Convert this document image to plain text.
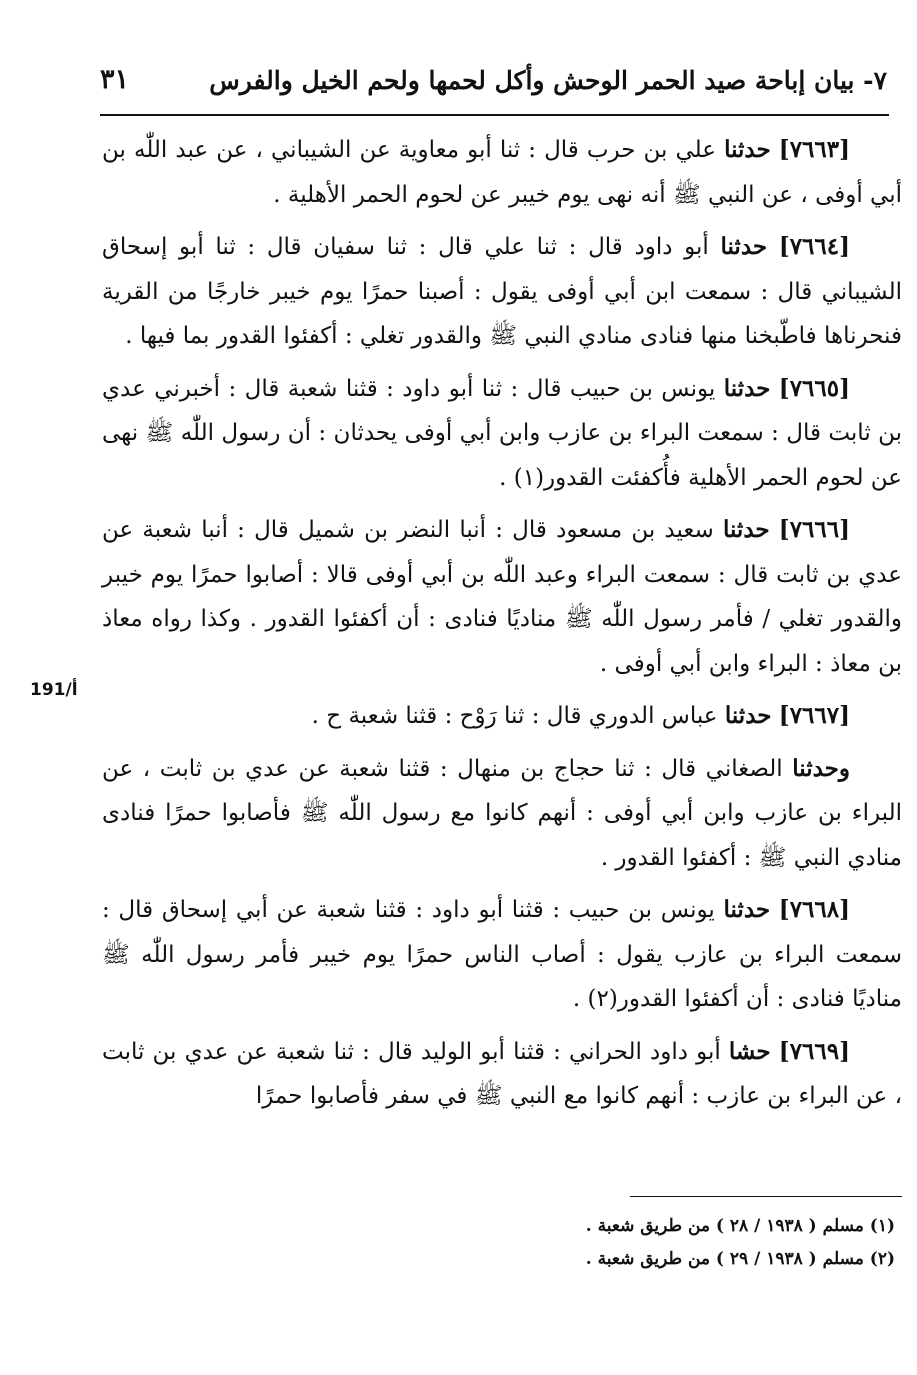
٧- بيان إباحة صيد الحمر الوحش وأكل لحمها ولحم الخيل والفرس
٣١

[٧٦٦٣] حدثنا علي بن حرب قال : ثنا أبو معاوية عن الشيباني ، عن عبد اللّٰه بن أبي أوفى ، عن النبي ﷺ أنه نهى يوم خيبر عن لحوم الحمر الأهلية .

[٧٦٦٤] حدثنا أبو داود قال : ثنا علي قال : ثنا سفيان قال : ثنا أبو إسحاق الشيباني قال : سمعت ابن أبي أوفى يقول : أصبنا حمرًا يوم خيبر خارجًا من القرية فنحرناها فاطّبخنا منها فنادى منادي النبي ﷺ والقدور تغلي : أكفئوا القدور بما فيها .

[٧٦٦٥] حدثنا يونس بن حبيب قال : ثنا أبو داود : قثنا شعبة قال : أخبرني عدي بن ثابت قال : سمعت البراء بن عازب وابن أبي أوفى يحدثان : أن رسول اللّٰه ﷺ نهى عن لحوم الحمر الأهلية فأُكفئت القدور(١) .

[٧٦٦٦] حدثنا سعيد بن مسعود قال : أنبا النضر بن شميل قال : أنبا شعبة عن عدي بن ثابت قال : سمعت البراء وعبد اللّٰه بن أبي أوفى قالا : أصابوا حمرًا يوم خيبر والقدور تغلي / فأمر رسول اللّٰه ﷺ مناديًا فنادى : أن أكفئوا القدور . وكذا رواه معاذ بن معاذ : البراء وابن أبي أوفى .

[٧٦٦٧] حدثنا عباس الدوري قال : ثنا رَوْح : قثنا شعبة ح .

وحدثنا الصغاني قال : ثنا حجاج بن منهال : قثنا شعبة عن عدي بن ثابت ، عن البراء بن عازب وابن أبي أوفى : أنهم كانوا مع رسول اللّٰه ﷺ فأصابوا حمرًا فنادى منادي النبي ﷺ : أكفئوا القدور .

[٧٦٦٨] حدثنا يونس بن حبيب : قثنا أبو داود : قثنا شعبة عن أبي إسحاق قال : سمعت البراء بن عازب يقول : أصاب الناس حمرًا يوم خيبر فأمر رسول اللّٰه ﷺ مناديًا فنادى : أن أكفئوا القدور(٢) .

[٧٦٦٩] حشا أبو داود الحراني : قثنا أبو الوليد قال : ثنا شعبة عن عدي بن ثابت ، عن البراء بن عازب : أنهم كانوا مع النبي ﷺ في سفر فأصابوا حمرًا

191/أ

(١) مسلم ( ١٩٣٨ / ٢٨ ) من طريق شعبة .

(٢) مسلم ( ١٩٣٨ / ٢٩ ) من طريق شعبة .
